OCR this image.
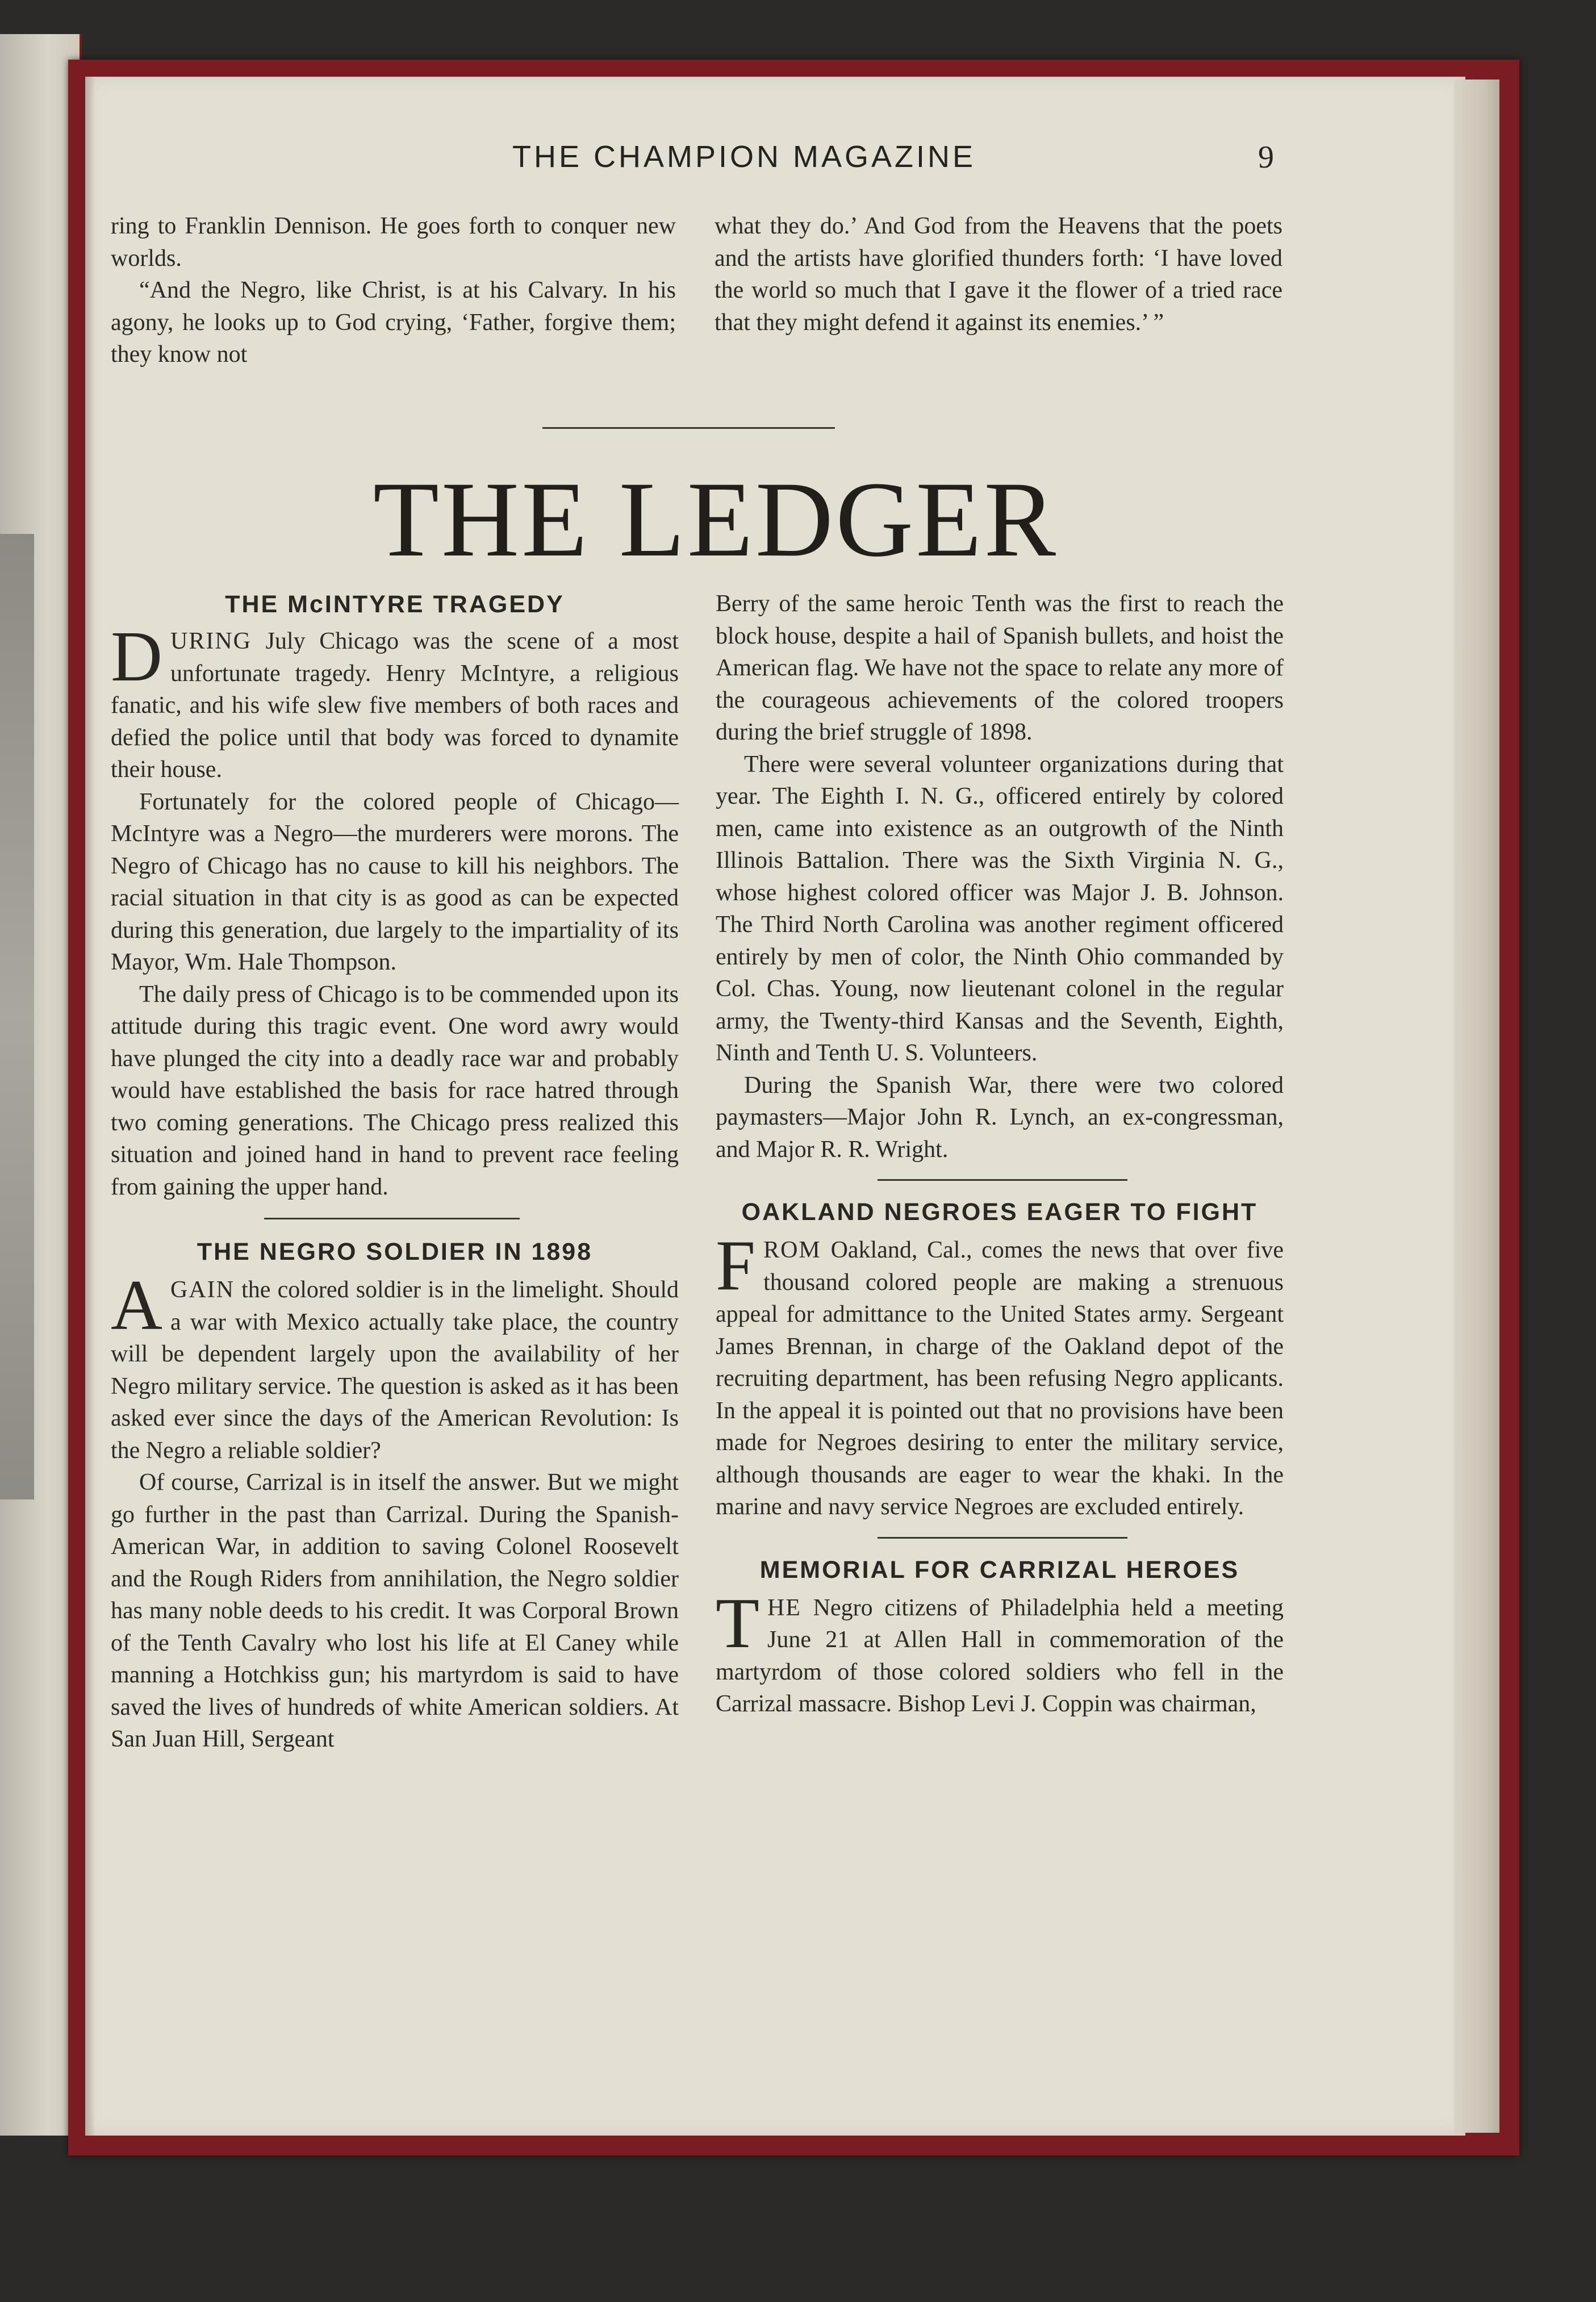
THE CHAMPION MAGAZINE	9

ring to Franklin Dennison. He goes forth to conquer new worlds.

“And the Negro, like Christ, is at his Calvary. In his agony, he looks up to God crying, ‘Father, forgive them; they know not

what they do.’ And God from the Heavens that the poets and the artists have glorified thunders forth: ‘I have loved the world so much that I gave it the flower of a tried race that they might defend it against its enemies.’ ”

THE LEDGER
THE McINTYRE TRAGEDY

DURING July Chicago was the scene of a most unfortunate tragedy. Henry McIntyre, a religious fanatic, and his wife slew five members of both races and defied the police until that body was forced to dynamite their house.

Fortunately for the colored people of Chicago—McIntyre was a Negro—the murderers were morons. The Negro of Chicago has no cause to kill his neighbors. The racial situation in that city is as good as can be expected during this generation, due largely to the impartiality of its Mayor, Wm. Hale Thompson.

The daily press of Chicago is to be commended upon its attitude during this tragic event. One word awry would have plunged the city into a deadly race war and probably would have established the basis for race hatred through two coming generations. The Chicago press realized this situation and joined hand in hand to prevent race feeling from gaining the upper hand.

THE NEGRO SOLDIER IN 1898

AGAIN the colored soldier is in the limelight. Should a war with Mexico actually take place, the country will be dependent largely upon the availability of her Negro military service. The question is asked as it has been asked ever since the days of the American Revolution: Is the Negro a reliable soldier?

Of course, Carrizal is in itself the answer. But we might go further in the past than Carrizal. During the Spanish-American War, in addition to saving Colonel Roosevelt and the Rough Riders from annihilation, the Negro soldier has many noble deeds to his credit. It was Corporal Brown of the Tenth Cavalry who lost his life at El Caney while manning a Hotchkiss gun; his martyrdom is said to have saved the lives of hundreds of white American soldiers. At San Juan Hill, Sergeant

Berry of the same heroic Tenth was the first to reach the block house, despite a hail of Spanish bullets, and hoist the American flag. We have not the space to relate any more of the courageous achievements of the colored troopers during the brief struggle of 1898.

There were several volunteer organizations during that year. The Eighth I. N. G., officered entirely by colored men, came into existence as an outgrowth of the Ninth Illinois Battalion. There was the Sixth Virginia N. G., whose highest colored officer was Major J. B. Johnson. The Third North Carolina was another regiment officered entirely by men of color, the Ninth Ohio commanded by Col. Chas. Young, now lieutenant colonel in the regular army, the Twenty-third Kansas and the Seventh, Eighth, Ninth and Tenth U. S. Volunteers.

During the Spanish War, there were two colored paymasters—Major John R. Lynch, an ex-congressman, and Major R. R. Wright.

OAKLAND NEGROES EAGER TO FIGHT

FROM Oakland, Cal., comes the news that over five thousand colored people are making a strenuous appeal for admittance to the United States army. Sergeant James Brennan, in charge of the Oakland depot of the recruiting department, has been refusing Negro applicants. In the appeal it is pointed out that no provisions have been made for Negroes desiring to enter the military service, although thousands are eager to wear the khaki. In the marine and navy service Negroes are excluded entirely.

MEMORIAL FOR CARRIZAL HEROES

THE Negro citizens of Philadelphia held a meeting June 21 at Allen Hall in commemoration of the martyrdom of those colored soldiers who fell in the Carrizal massacre. Bishop Levi J. Coppin was chairman,
